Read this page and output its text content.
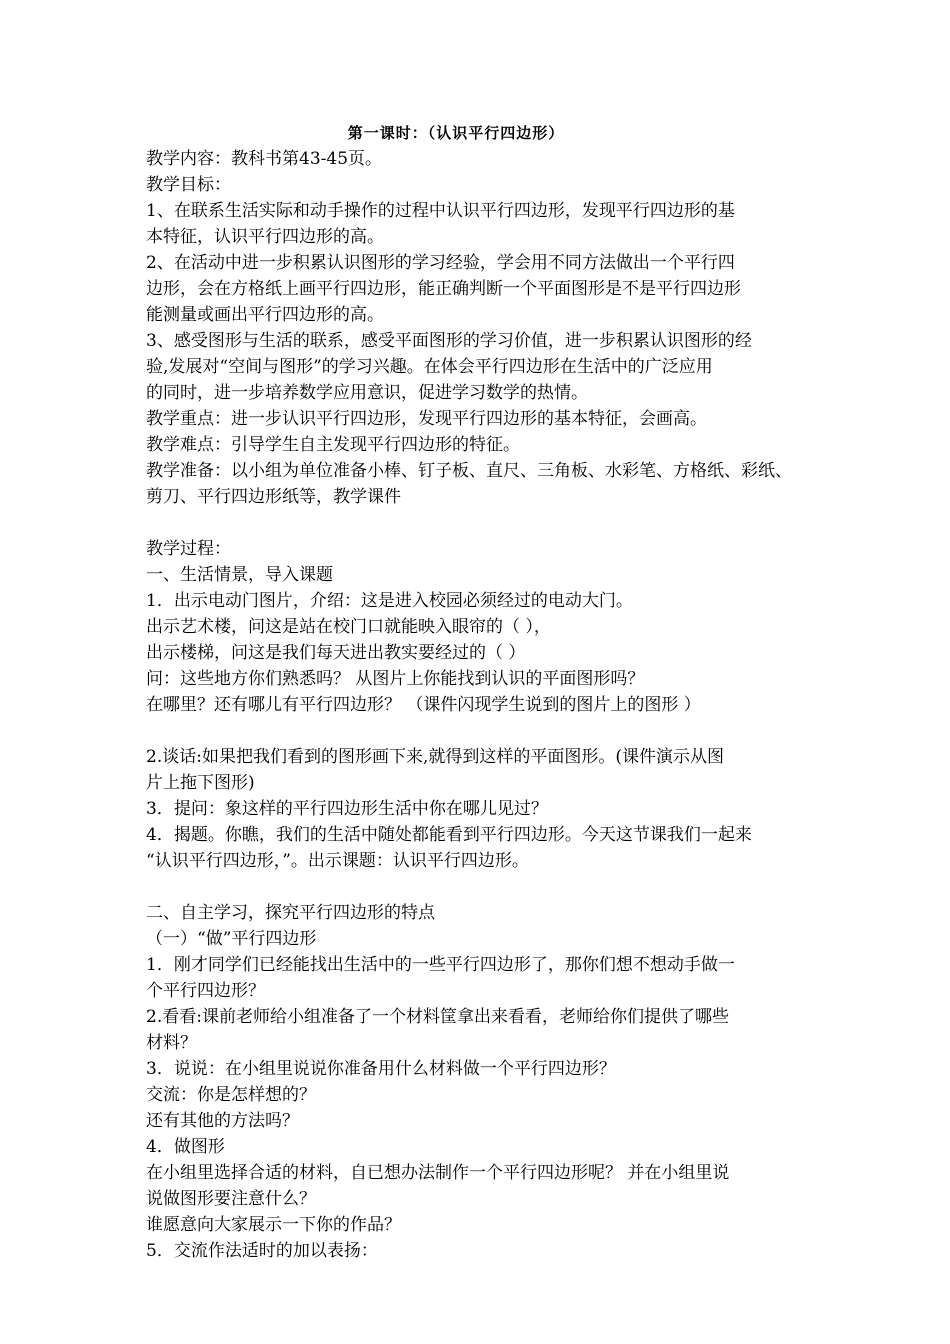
第一课时：（认识平行四边形）
教学内容：教科书第43-45页。
教学目标：
1、在联系生活实际和动手操作的过程中认识平行四边形，发现平行四边形的基
本特征，认识平行四边形的高。
2、在活动中进一步积累认识图形的学习经验，学会用不同方法做出一个平行四
边形，会在方格纸上画平行四边形，能正确判断一个平面图形是不是平行四边形
能测量或画出平行四边形的高。
3、感受图形与生活的联系，感受平面图形的学习价值，进一步积累认识图形的经
验,发展对“空间与图形”的学习兴趣。在体会平行四边形在生活中的广泛应用
的同时，进一步培养数学应用意识，促进学习数学的热情。
教学重点：进一步认识平行四边形，发现平行四边形的基本特征，会画高。
教学难点：引导学生自主发现平行四边形的特征。
教学准备：以小组为单位准备小棒、钉子板、直尺、三角板、水彩笔、方格纸、彩纸、
剪刀、平行四边形纸等，教学课件
教学过程：
一、生活情景，导入课题
1．出示电动门图片，介绍：这是进入校园必须经过的电动大门。
出示艺术楼，问这是站在校门口就能映入眼帘的（ ），
出示楼梯，问这是我们每天进出教实要经过的（ ）
问：这些地方你们熟悉吗？ 从图片上你能找到认识的平面图形吗？
在哪里？还有哪儿有平行四边形？ （课件闪现学生说到的图片上的图形 ）
2.谈话:如果把我们看到的图形画下来,就得到这样的平面图形。(课件演示从图
片上拖下图形)
3．提问：象这样的平行四边形生活中你在哪儿见过？
4．揭题。你瞧，我们的生活中随处都能看到平行四边形。今天这节课我们一起来
“认识平行四边形，”。出示课题：认识平行四边形。
二、自主学习，探究平行四边形的特点
（一）“做”平行四边形
1．刚才同学们已经能找出生活中的一些平行四边形了，那你们想不想动手做一
个平行四边形？
2.看看:课前老师给小组准备了一个材料筐拿出来看看，老师给你们提供了哪些
材料？
3．说说：在小组里说说你准备用什么材料做一个平行四边形？
交流：你是怎样想的？
还有其他的方法吗？
4．做图形
在小组里选择合适的材料，自已想办法制作一个平行四边形呢？ 并在小组里说
说做图形要注意什么？
谁愿意向大家展示一下你的作品？
5．交流作法适时的加以表扬：
